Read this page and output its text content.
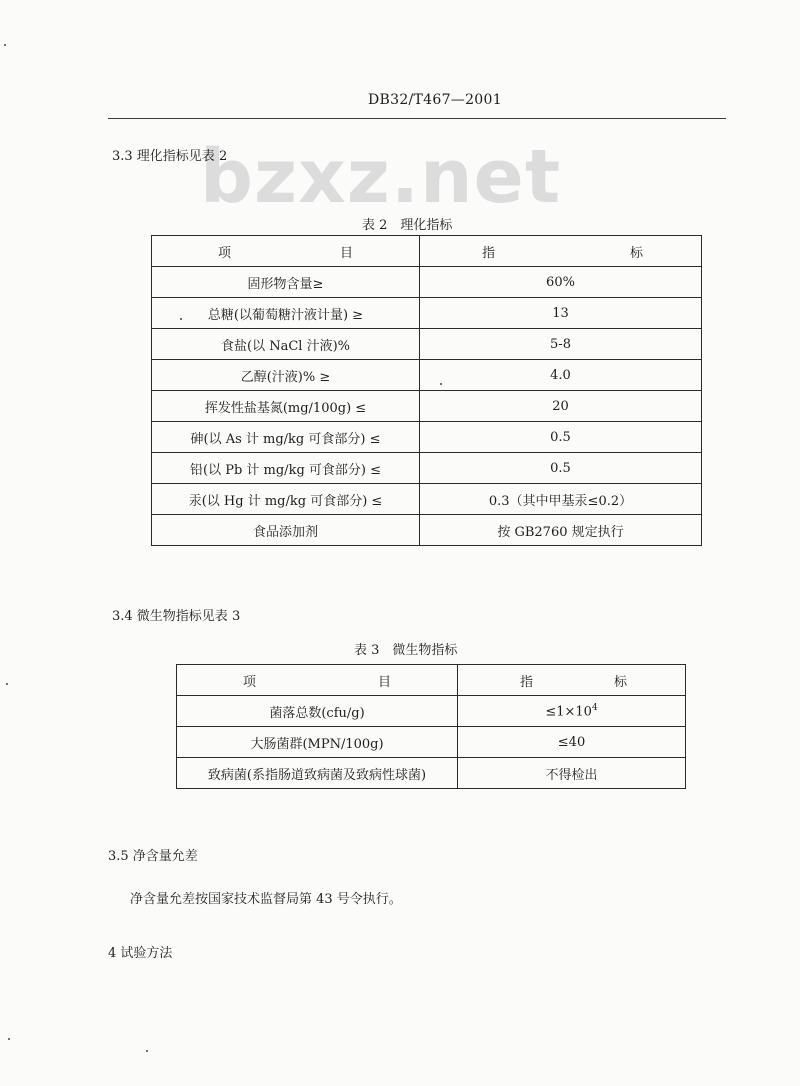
DB32/T467—2001
bzxz.net
3.3 理化指标见表 2
表 2　理化指标
项 目	指 标

固形物含量≥	60%
总糖(以葡萄糖汁液计量) ≥	13
食盐(以 NaCl 汁液)%	5-8
乙醇(汁液)% ≥	4.0
挥发性盐基氮(mg/100g) ≤	20
砷(以 As 计 mg/kg 可食部分) ≤	0.5
铅(以 Pb 计 mg/kg 可食部分) ≤	0.5
汞(以 Hg 计 mg/kg 可食部分) ≤	0.3（其中甲基汞≤0.2）
食品添加剂	按 GB2760 规定执行
3.4 微生物指标见表 3
表 3　微生物指标
项 目	指 标

菌落总数(cfu/g)	$\le 1\times 10^4$
大肠菌群(MPN/100g)	≤40
致病菌(系指肠道致病菌及致病性球菌)	不得检出
3.5 净含量允差
净含量允差按国家技术监督局第 43 号令执行。
4 试验方法
